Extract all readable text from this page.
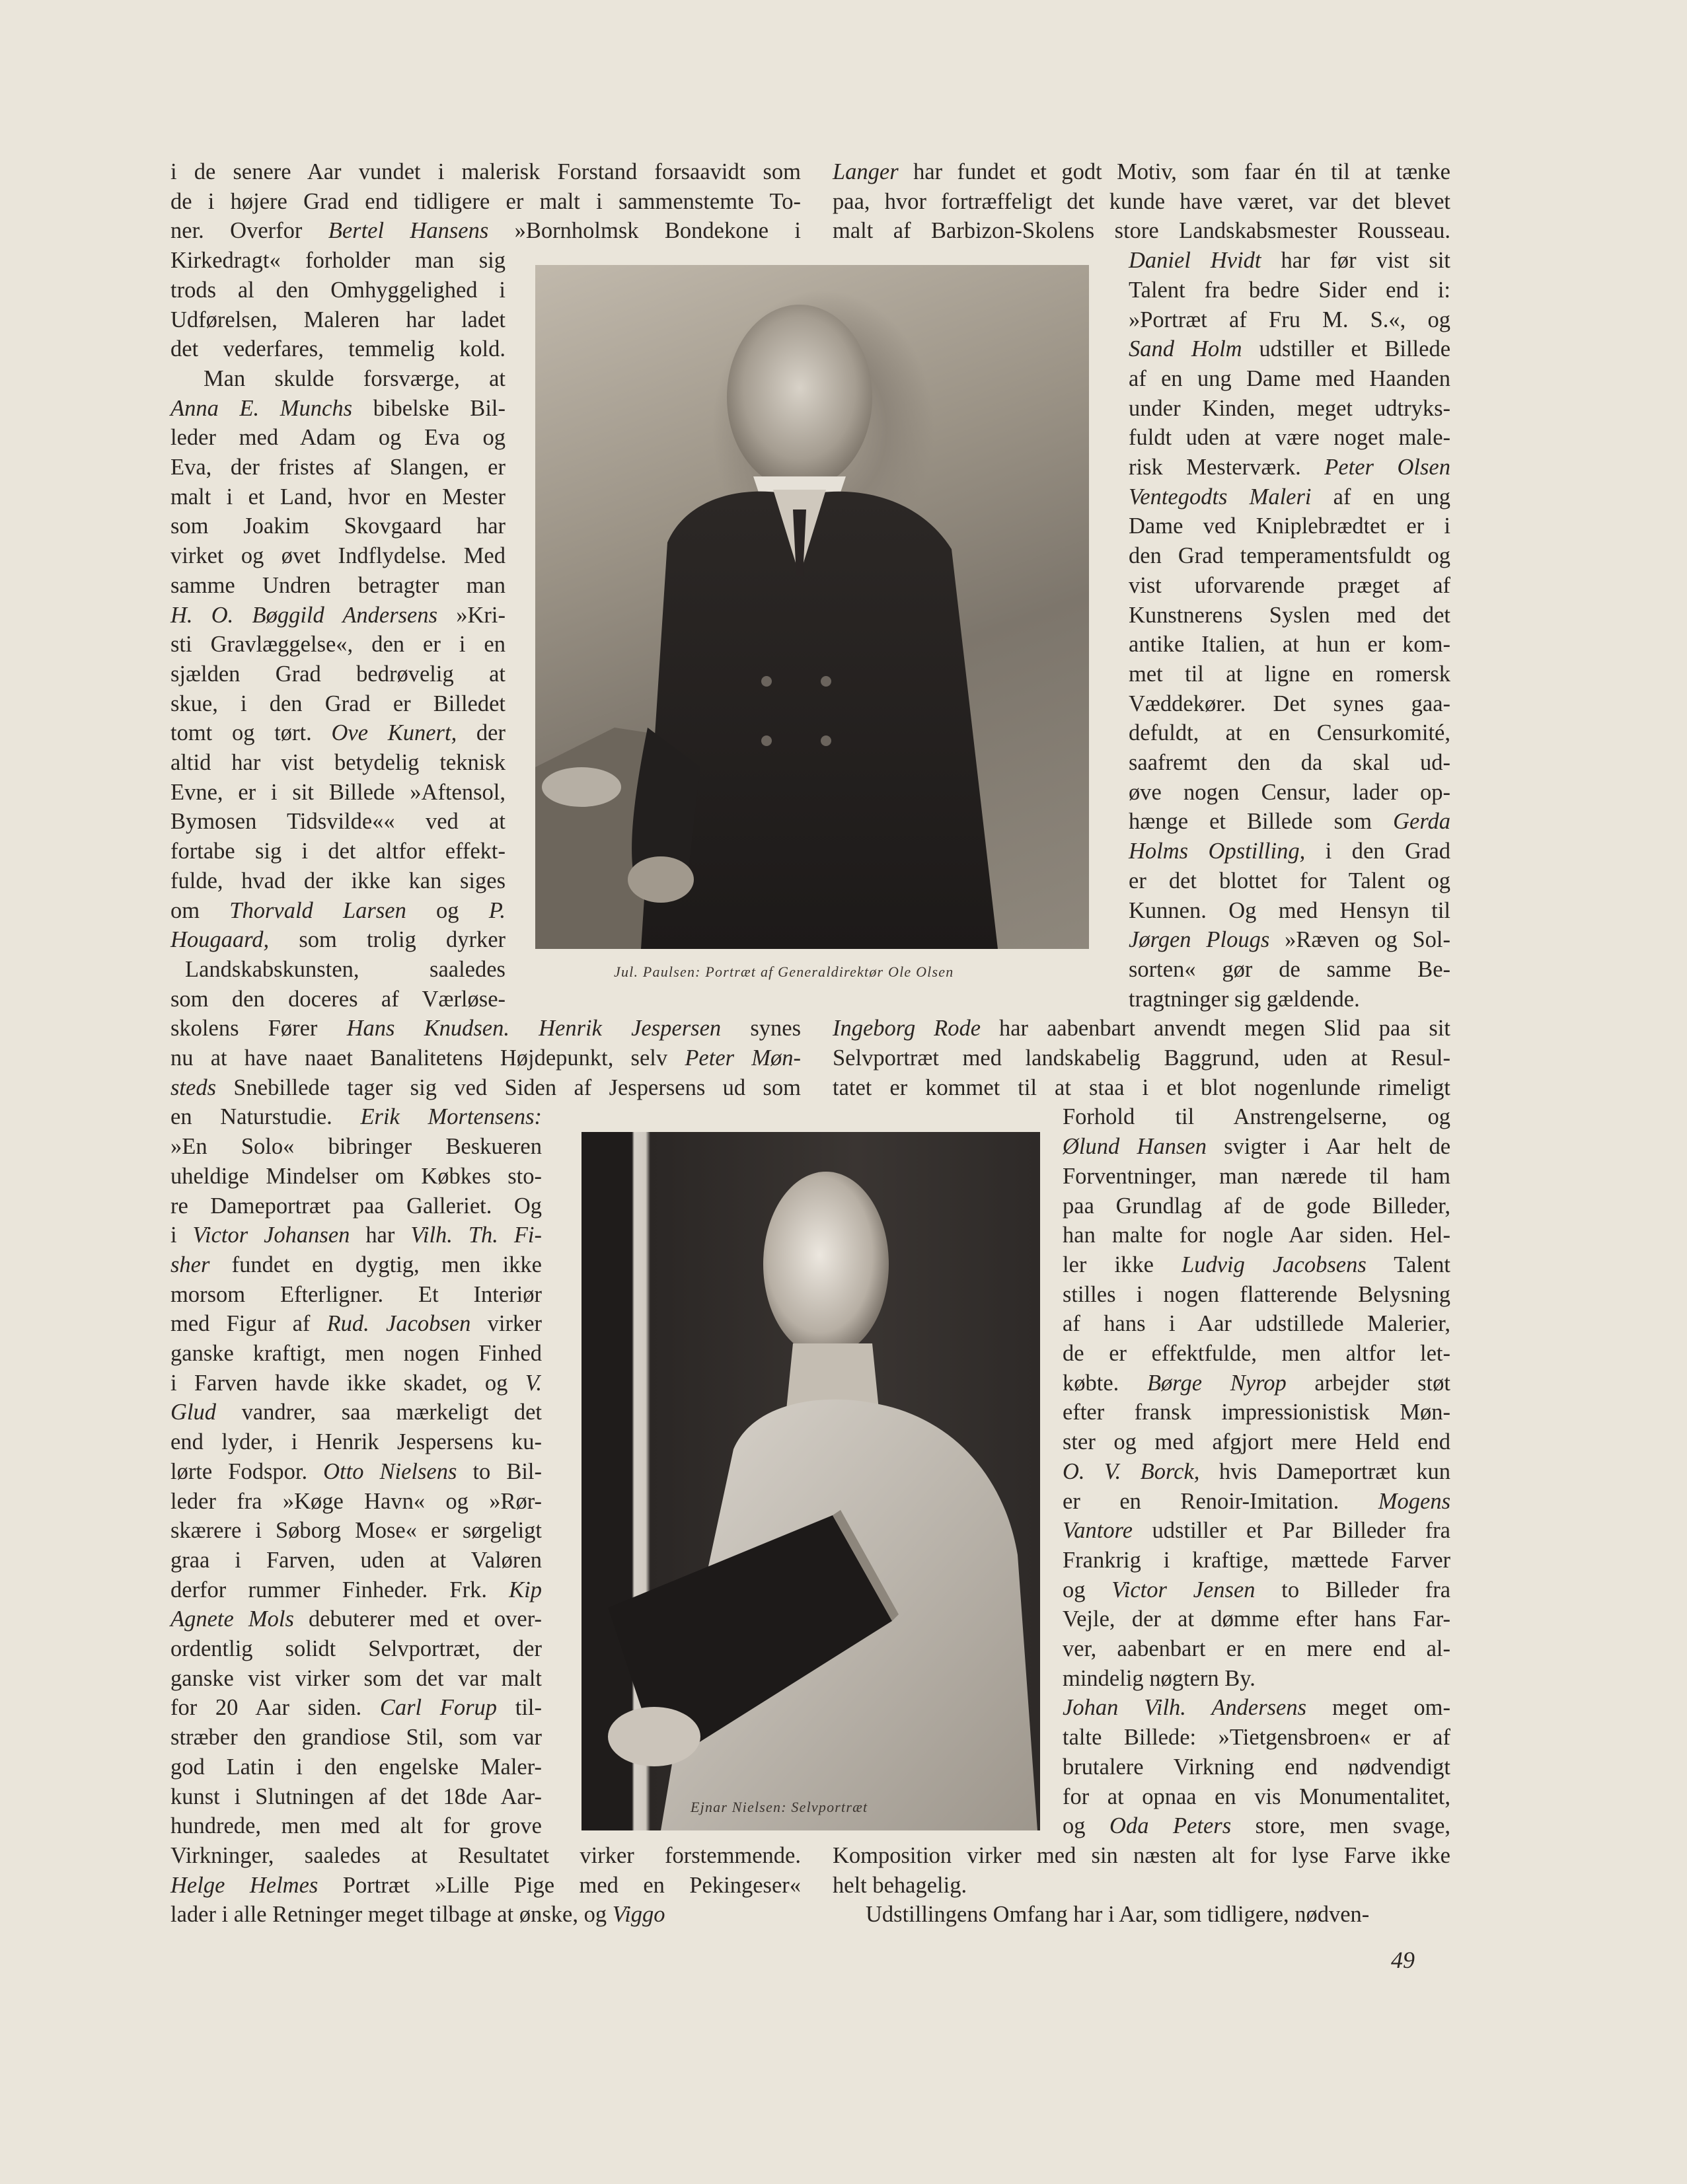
Jul. Paulsen: Portræt af Generaldirektør Ole Olsen
Ejnar Nielsen: Selvportræt
i de senere Aar vundet i malerisk Forstand forsaavidt som
de i højere Grad end tidligere er malt i sammenstemte To-
ner. Overfor Bertel Hansens »Bornholmsk Bondekone i
Kirkedragt« forholder man sig
trods al den Omhyggelighed i
Udførelsen, Maleren har ladet
det vederfares, temmelig kold.
Man skulde forsværge, at
Anna E. Munchs bibelske Bil-
leder med Adam og Eva og
Eva, der fristes af Slangen, er
malt i et Land, hvor en Mester
som Joakim Skovgaard har
virket og øvet Indflydelse. Med
samme Undren betragter man
H. O. Bøggild Andersens »Kri-
sti Gravlæggelse«, den er i en
sjælden Grad bedrøvelig at
skue, i den Grad er Billedet
tomt og tørt. Ove Kunert, der
altid har vist betydelig teknisk
Evne, er i sit Billede »Aftensol,
Bymosen Tidsvilde«« ved at
fortabe sig i det altfor effekt-
fulde, hvad der ikke kan siges
om Thorvald Larsen og P.
Hougaard, som trolig dyrker
Landskabskunsten, saaledes
som den doceres af Værløse-
skolens Fører Hans Knudsen. Henrik Jespersen synes
nu at have naaet Banalitetens Højdepunkt, selv Peter Møn-
steds Snebillede tager sig ved Siden af Jespersens ud som
en Naturstudie. Erik Mortensens:
»En Solo« bibringer Beskueren
uheldige Mindelser om Købkes sto-
re Dameportræt paa Galleriet. Og
i Victor Johansen har Vilh. Th. Fi-
sher fundet en dygtig, men ikke
morsom Efterligner. Et Interiør
med Figur af Rud. Jacobsen virker
ganske kraftigt, men nogen Finhed
i Farven havde ikke skadet, og V.
Glud vandrer, saa mærkeligt det
end lyder, i Henrik Jespersens ku-
lørte Fodspor. Otto Nielsens to Bil-
leder fra »Køge Havn« og »Rør-
skærere i Søborg Mose« er sørgeligt
graa i Farven, uden at Valøren
derfor rummer Finheder. Frk. Kip
Agnete Mols debuterer med et over-
ordentlig solidt Selvportræt, der
ganske vist virker som det var malt
for 20 Aar siden. Carl Forup til-
stræber den grandiose Stil, som var
god Latin i den engelske Maler-
kunst i Slutningen af det 18de Aar-
hundrede, men med alt for grove
Virkninger, saaledes at Resultatet virker forstemmende.
Helge Helmes Portræt »Lille Pige med en Pekingeser«
lader i alle Retninger meget tilbage at ønske, og Viggo
Langer har fundet et godt Motiv, som faar én til at tænke
paa, hvor fortræffeligt det kunde have været, var det blevet
malt af Barbizon-Skolens store Landskabsmester Rousseau.
Daniel Hvidt har før vist sit
Talent fra bedre Sider end i:
»Portræt af Fru M. S.«, og
Sand Holm udstiller et Billede
af en ung Dame med Haanden
under Kinden, meget udtryks-
fuldt uden at være noget male-
risk Mesterværk. Peter Olsen
Ventegodts Maleri af en ung
Dame ved Kniplebrædtet er i
den Grad temperamentsfuldt og
vist uforvarende præget af
Kunstnerens Syslen med det
antike Italien, at hun er kom-
met til at ligne en romersk
Væddekører. Det synes gaa-
defuldt, at en Censurkomité,
saafremt den da skal ud-
øve nogen Censur, lader op-
hænge et Billede som Gerda
Holms Opstilling, i den Grad
er det blottet for Talent og
Kunnen. Og med Hensyn til
Jørgen Plougs »Ræven og Sol-
sorten« gør de samme Be-
tragtninger sig gældende.
Ingeborg Rode har aabenbart anvendt megen Slid paa sit
Selvportræt med landskabelig Baggrund, uden at Resul-
tatet er kommet til at staa i et blot nogenlunde rimeligt
Forhold til Anstrengelserne, og
Ølund Hansen svigter i Aar helt de
Forventninger, man nærede til ham
paa Grundlag af de gode Billeder,
han malte for nogle Aar siden. Hel-
ler ikke Ludvig Jacobsens Talent
stilles i nogen flatterende Belysning
af hans i Aar udstillede Malerier,
de er effektfulde, men altfor let-
købte. Børge Nyrop arbejder støt
efter fransk impressionistisk Møn-
ster og med afgjort mere Held end
O. V. Borck, hvis Dameportræt kun
er en Renoir-Imitation. Mogens
Vantore udstiller et Par Billeder fra
Frankrig i kraftige, mættede Farver
og Victor Jensen to Billeder fra
Vejle, der at dømme efter hans Far-
ver, aabenbart er en mere end al-
mindelig nøgtern By.
Johan Vilh. Andersens meget om-
talte Billede: »Tietgensbroen« er af
brutalere Virkning end nødvendigt
for at opnaa en vis Monumentalitet,
og Oda Peters store, men svage,
Komposition virker med sin næsten alt for lyse Farve ikke
helt behagelig.
Udstillingens Omfang har i Aar, som tidligere, nødven-
49
